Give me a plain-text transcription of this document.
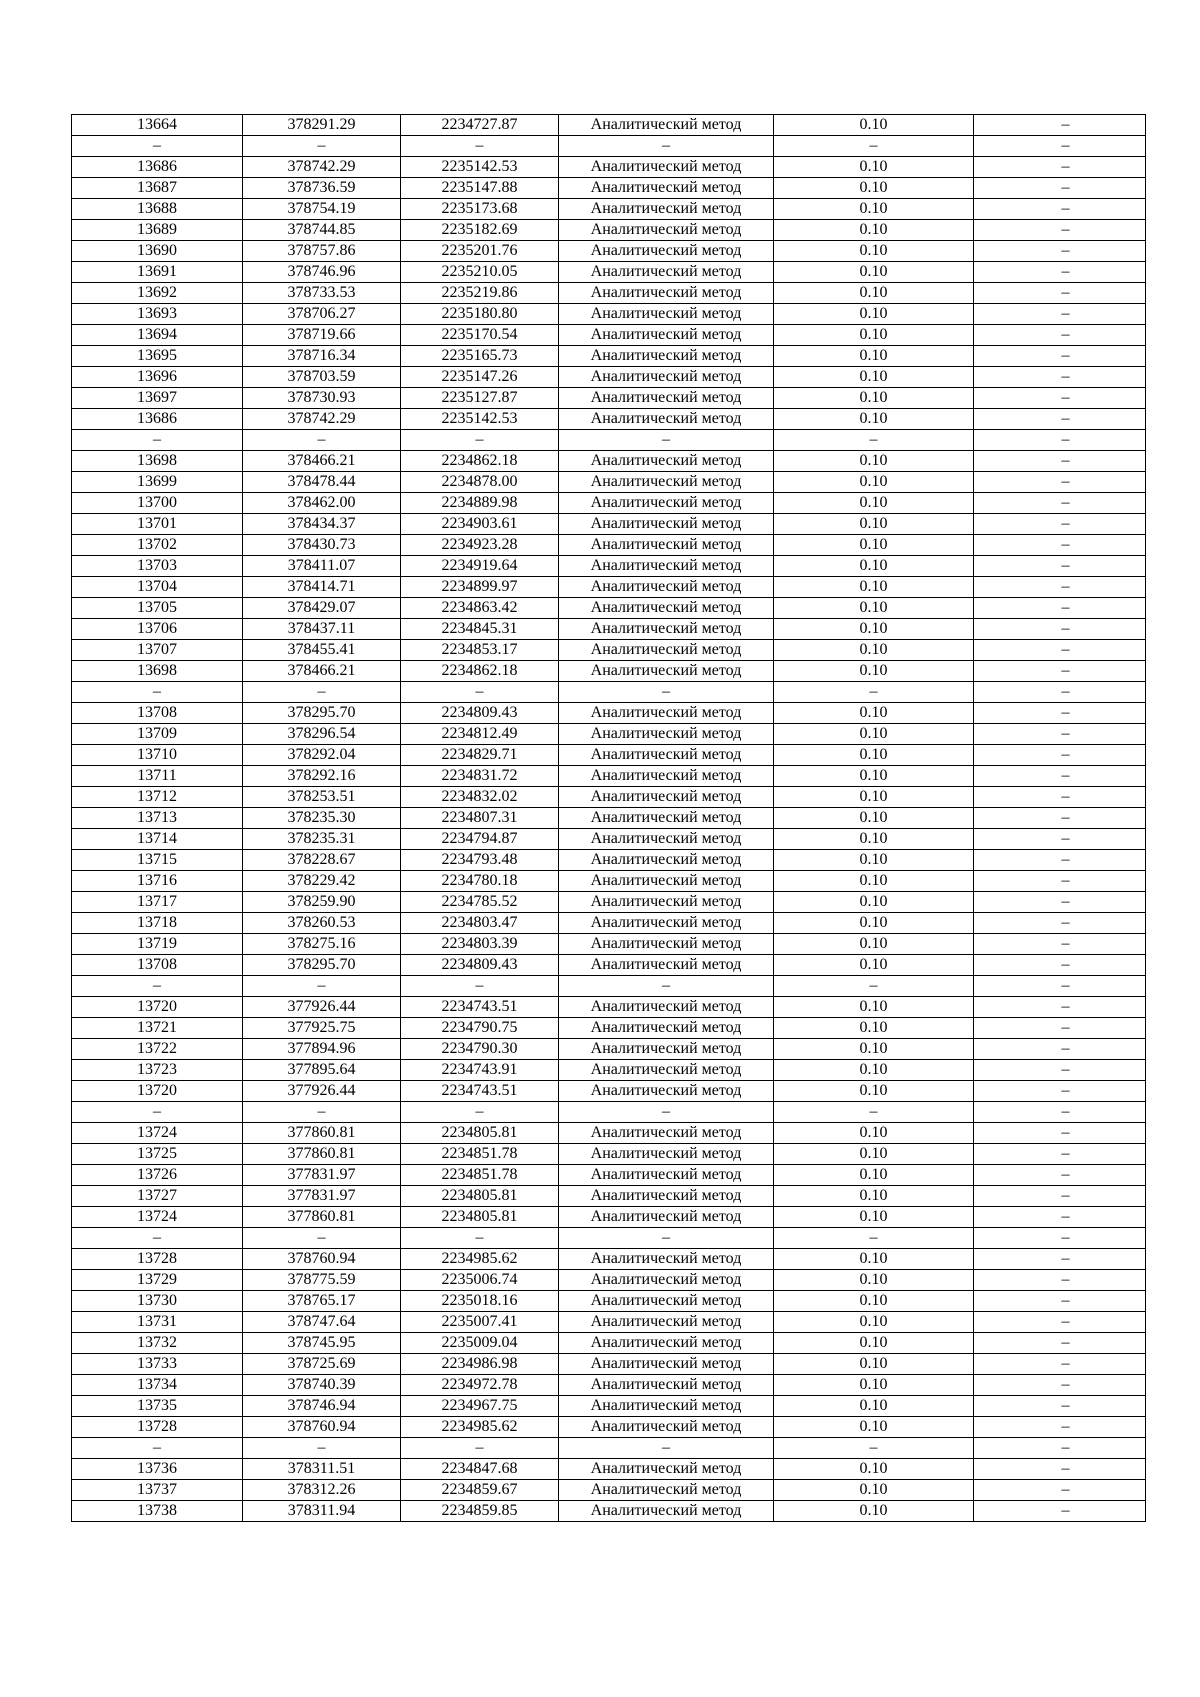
13664	378291.29	2234727.87	Аналитический метод	0.10	–
–	–	–	–	–	–
13686	378742.29	2235142.53	Аналитический метод	0.10	–
13687	378736.59	2235147.88	Аналитический метод	0.10	–
13688	378754.19	2235173.68	Аналитический метод	0.10	–
13689	378744.85	2235182.69	Аналитический метод	0.10	–
13690	378757.86	2235201.76	Аналитический метод	0.10	–
13691	378746.96	2235210.05	Аналитический метод	0.10	–
13692	378733.53	2235219.86	Аналитический метод	0.10	–
13693	378706.27	2235180.80	Аналитический метод	0.10	–
13694	378719.66	2235170.54	Аналитический метод	0.10	–
13695	378716.34	2235165.73	Аналитический метод	0.10	–
13696	378703.59	2235147.26	Аналитический метод	0.10	–
13697	378730.93	2235127.87	Аналитический метод	0.10	–
13686	378742.29	2235142.53	Аналитический метод	0.10	–
–	–	–	–	–	–
13698	378466.21	2234862.18	Аналитический метод	0.10	–
13699	378478.44	2234878.00	Аналитический метод	0.10	–
13700	378462.00	2234889.98	Аналитический метод	0.10	–
13701	378434.37	2234903.61	Аналитический метод	0.10	–
13702	378430.73	2234923.28	Аналитический метод	0.10	–
13703	378411.07	2234919.64	Аналитический метод	0.10	–
13704	378414.71	2234899.97	Аналитический метод	0.10	–
13705	378429.07	2234863.42	Аналитический метод	0.10	–
13706	378437.11	2234845.31	Аналитический метод	0.10	–
13707	378455.41	2234853.17	Аналитический метод	0.10	–
13698	378466.21	2234862.18	Аналитический метод	0.10	–
–	–	–	–	–	–
13708	378295.70	2234809.43	Аналитический метод	0.10	–
13709	378296.54	2234812.49	Аналитический метод	0.10	–
13710	378292.04	2234829.71	Аналитический метод	0.10	–
13711	378292.16	2234831.72	Аналитический метод	0.10	–
13712	378253.51	2234832.02	Аналитический метод	0.10	–
13713	378235.30	2234807.31	Аналитический метод	0.10	–
13714	378235.31	2234794.87	Аналитический метод	0.10	–
13715	378228.67	2234793.48	Аналитический метод	0.10	–
13716	378229.42	2234780.18	Аналитический метод	0.10	–
13717	378259.90	2234785.52	Аналитический метод	0.10	–
13718	378260.53	2234803.47	Аналитический метод	0.10	–
13719	378275.16	2234803.39	Аналитический метод	0.10	–
13708	378295.70	2234809.43	Аналитический метод	0.10	–
–	–	–	–	–	–
13720	377926.44	2234743.51	Аналитический метод	0.10	–
13721	377925.75	2234790.75	Аналитический метод	0.10	–
13722	377894.96	2234790.30	Аналитический метод	0.10	–
13723	377895.64	2234743.91	Аналитический метод	0.10	–
13720	377926.44	2234743.51	Аналитический метод	0.10	–
–	–	–	–	–	–
13724	377860.81	2234805.81	Аналитический метод	0.10	–
13725	377860.81	2234851.78	Аналитический метод	0.10	–
13726	377831.97	2234851.78	Аналитический метод	0.10	–
13727	377831.97	2234805.81	Аналитический метод	0.10	–
13724	377860.81	2234805.81	Аналитический метод	0.10	–
–	–	–	–	–	–
13728	378760.94	2234985.62	Аналитический метод	0.10	–
13729	378775.59	2235006.74	Аналитический метод	0.10	–
13730	378765.17	2235018.16	Аналитический метод	0.10	–
13731	378747.64	2235007.41	Аналитический метод	0.10	–
13732	378745.95	2235009.04	Аналитический метод	0.10	–
13733	378725.69	2234986.98	Аналитический метод	0.10	–
13734	378740.39	2234972.78	Аналитический метод	0.10	–
13735	378746.94	2234967.75	Аналитический метод	0.10	–
13728	378760.94	2234985.62	Аналитический метод	0.10	–
–	–	–	–	–	–
13736	378311.51	2234847.68	Аналитический метод	0.10	–
13737	378312.26	2234859.67	Аналитический метод	0.10	–
13738	378311.94	2234859.85	Аналитический метод	0.10	–
